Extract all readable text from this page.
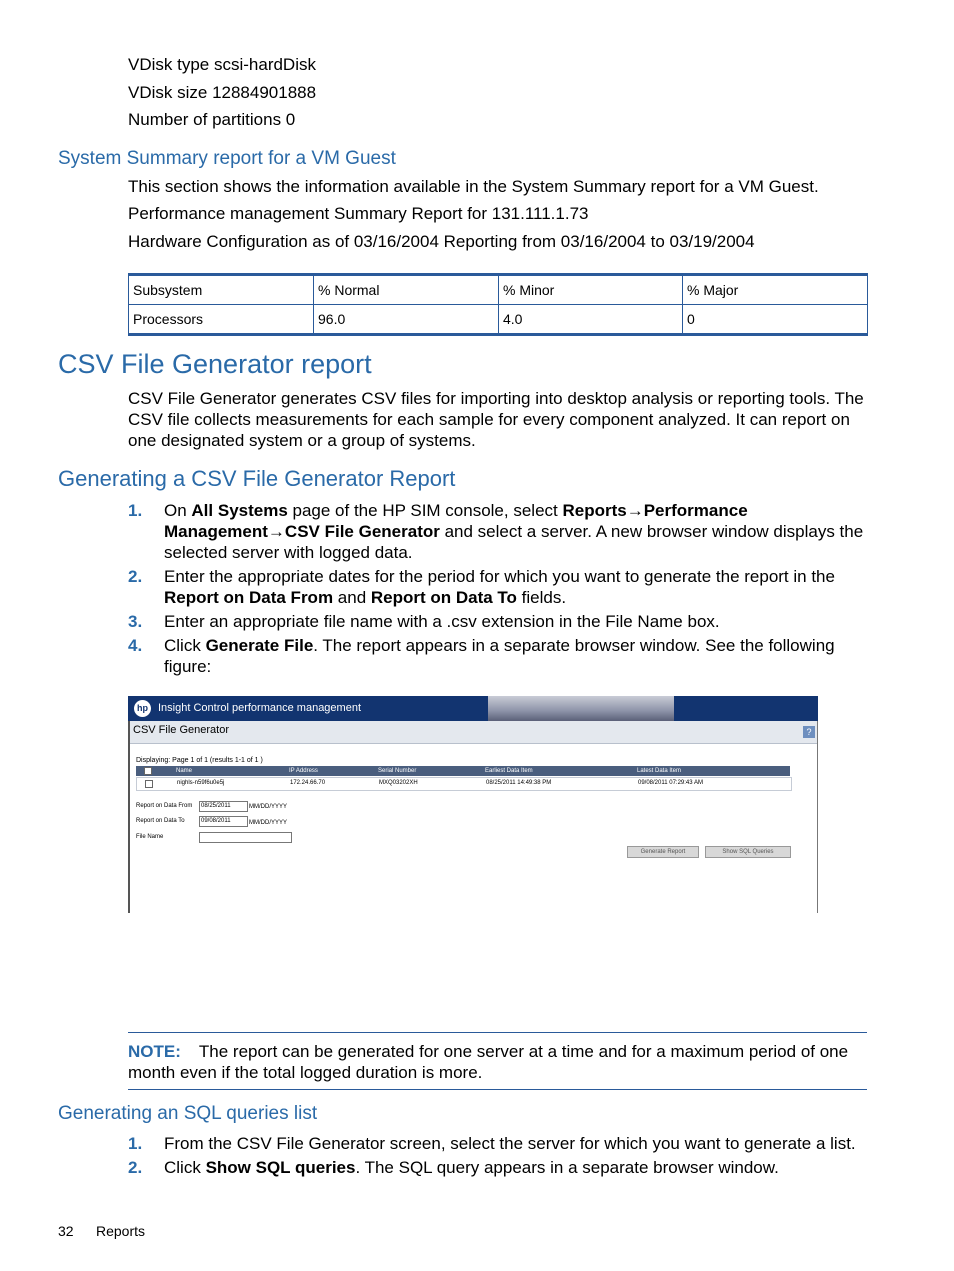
VDisk type scsi-hardDisk
VDisk size 12884901888
Number of partitions 0
System Summary report for a VM Guest
This section shows the information available in the System Summary report for a VM Guest.
Performance management Summary Report for 131.111.1.73
Hardware Configuration as of 03/16/2004 Reporting from 03/16/2004 to 03/19/2004
Subsystem	% Normal	% Minor	% Major
Processors	96.0	4.0	0
CSV File Generator report
CSV File Generator generates CSV files for importing into desktop analysis or reporting tools. The CSV file collects measurements for each sample for every component analyzed. It can report on one designated system or a group of systems.
Generating a CSV File Generator Report
1. On All Systems page of the HP SIM console, select Reports→Performance Management→CSV File Generator and select a server. A new browser window displays the selected server with logged data.
2. Enter the appropriate dates for the period for which you want to generate the report in the Report on Data From and Report on Data To fields.
3. Enter an appropriate file name with a .csv extension in the File Name box.
4. Click Generate File. The report appears in a separate browser window. See the following figure:
hp Insight Control performance management
CSV File Generator	?
Displaying: Page 1 of 1 (results 1-1 of 1 )
Name	IP Address	Serial Number	Earliest Data Item	Latest Data Item
nighls-n59f6u0e5j	172.24.66.70	MXQ03202XH	08/25/2011 14:49:38 PM	09/08/2011 07:29:43 AM
Report on Data From	08/25/2011	MM/DD/YYYY
Report on Data To	09/08/2011	MM/DD/YYYY
File Name
Generate Report	Show SQL Queries
NOTE: The report can be generated for one server at a time and for a maximum period of one month even if the total logged duration is more.
Generating an SQL queries list
1. From the CSV File Generator screen, select the server for which you want to generate a list.
2. Click Show SQL queries. The SQL query appears in a separate browser window.
32 Reports
